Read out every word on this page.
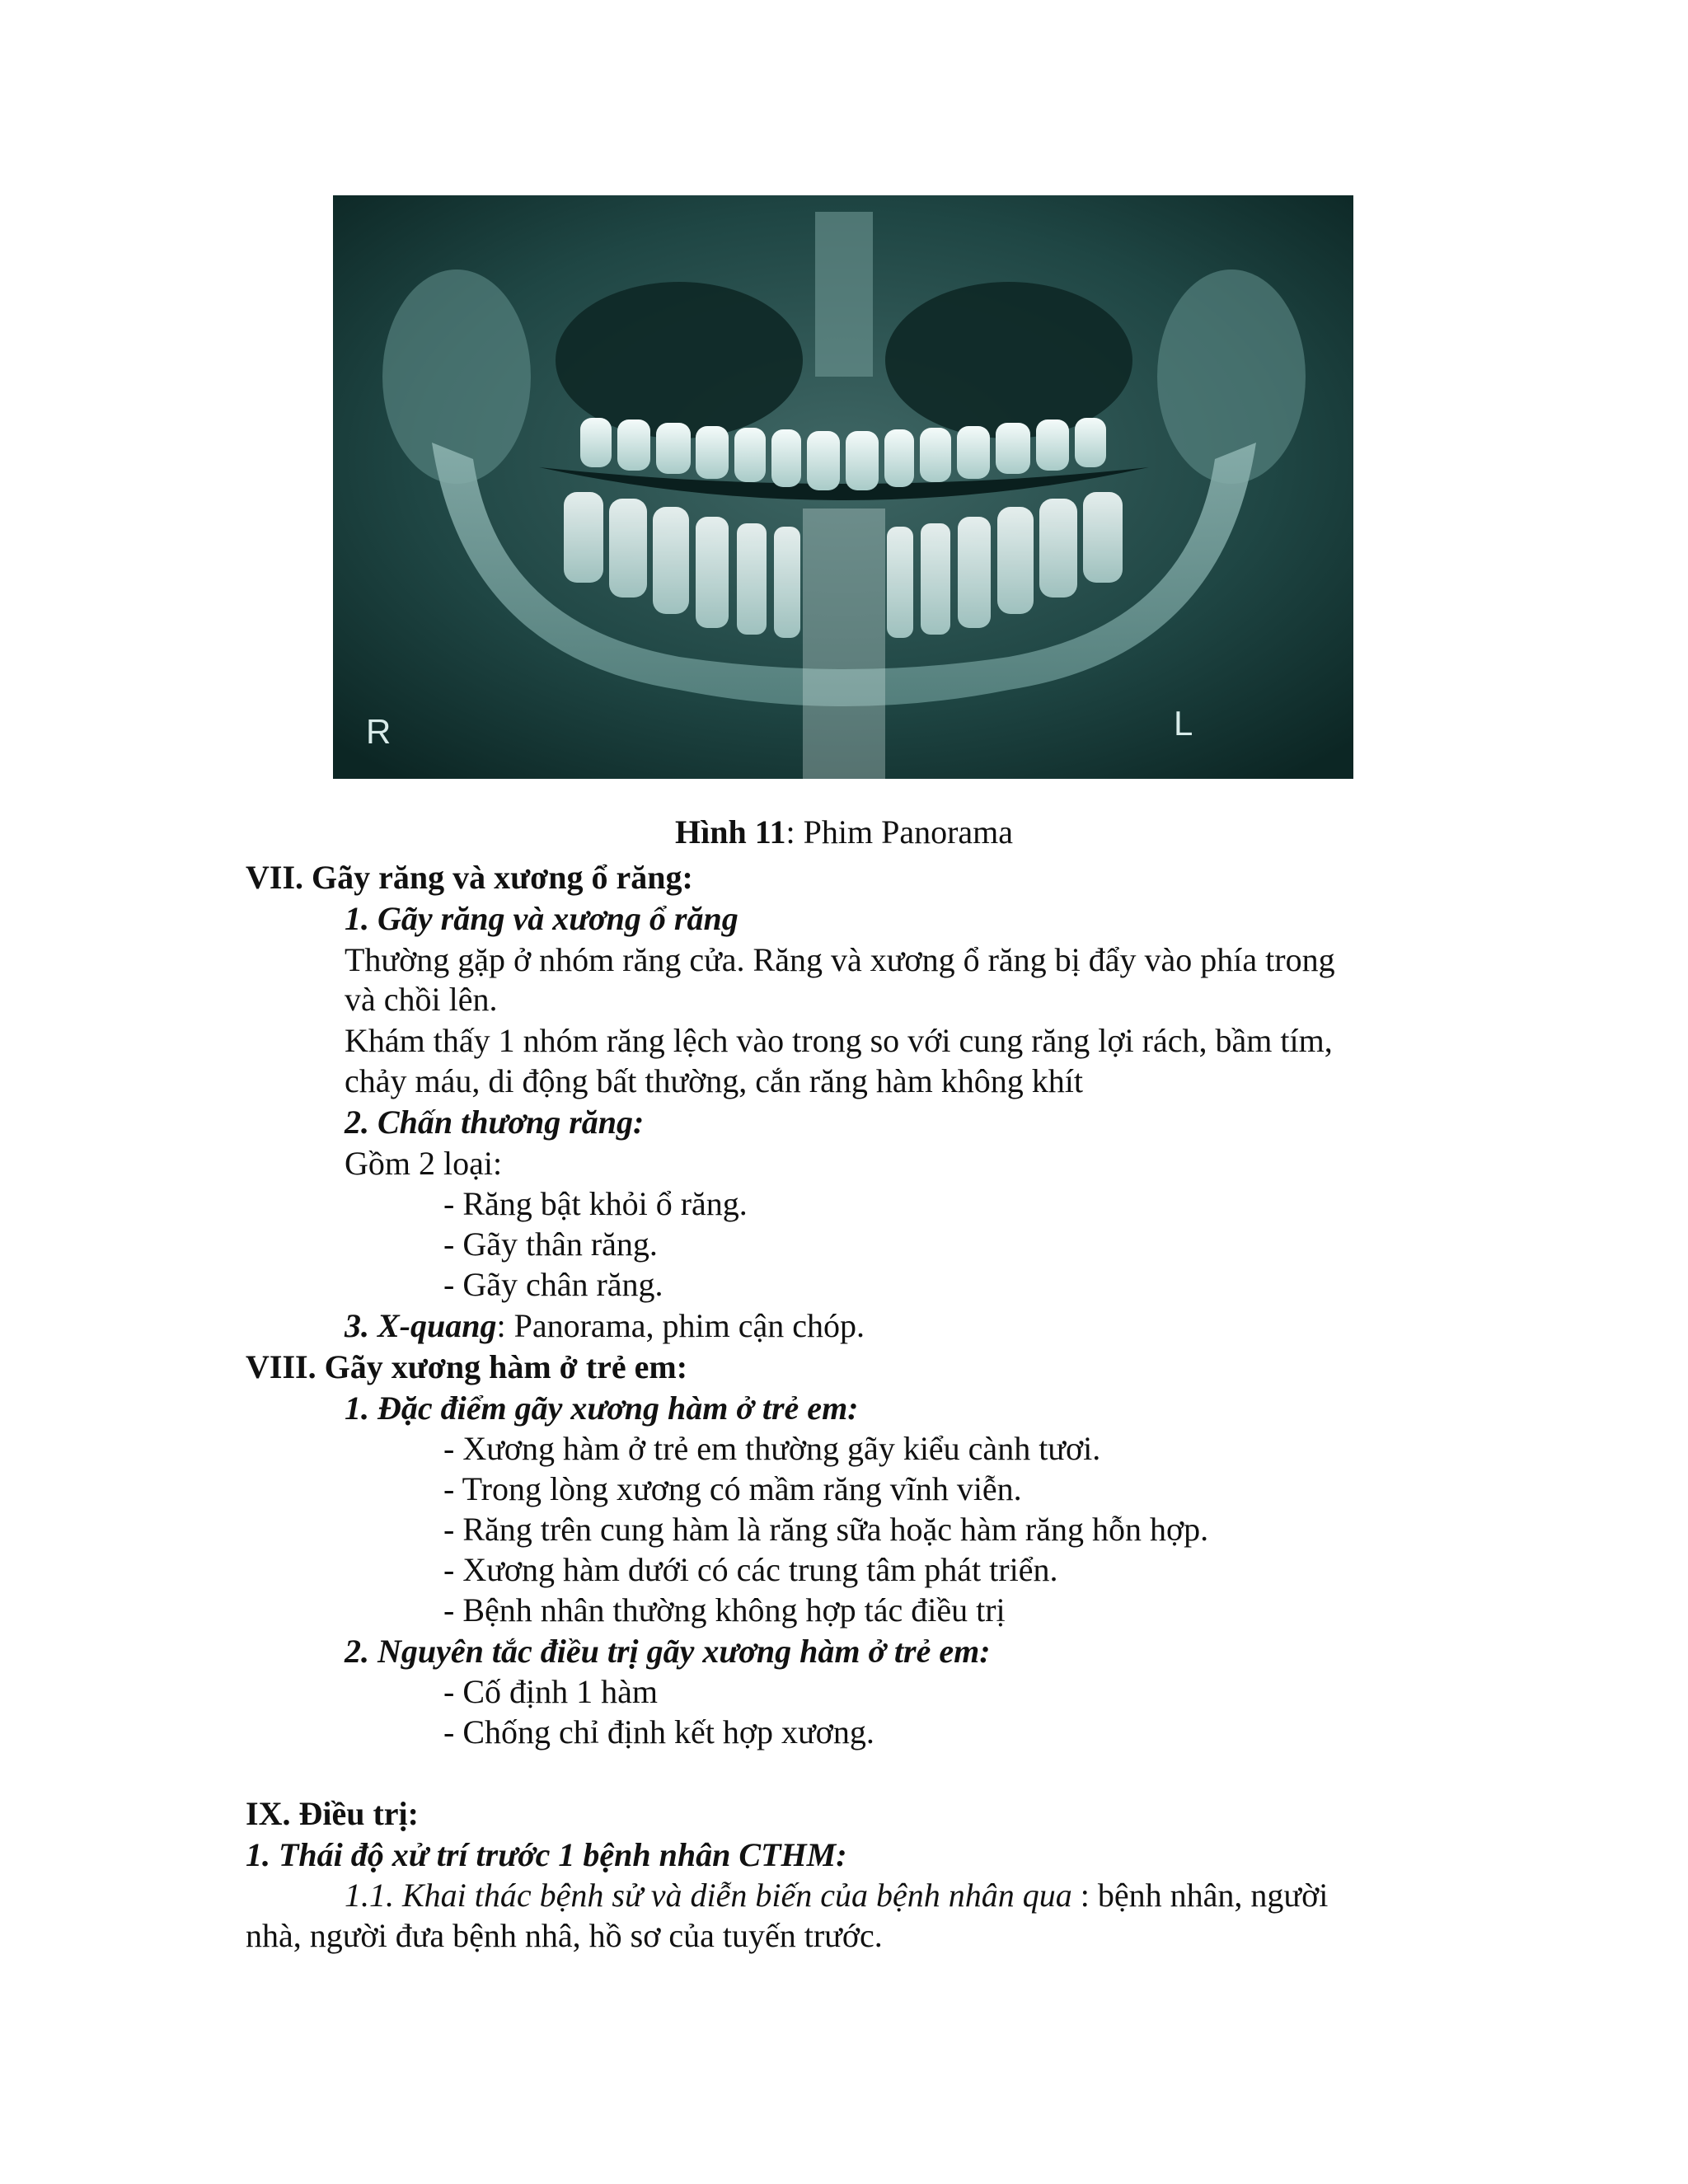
R	L
Hình 11: Phim Panorama
VII. Gãy răng và xương ổ răng:
1. Gãy răng và xương ổ răng
Thường gặp ở nhóm răng cửa. Răng và xương ổ răng bị đẩy vào phía trong
và chồi lên.
Khám thấy 1 nhóm răng lệch vào trong so với cung răng lợi rách, bầm tím,
chảy máu, di động bất thường, cắn răng hàm không khít
2. Chấn thương răng:
Gồm 2 loại:
- Răng bật khỏi ổ răng.
- Gãy thân răng.
- Gãy chân răng.
3. X-quang: Panorama, phim cận chóp.
VIII. Gãy xương hàm ở trẻ em:
1. Đặc điểm gãy xương hàm ở trẻ em:
- Xương hàm ở trẻ em thường gãy kiểu cành tươi.
- Trong lòng xương có mầm răng vĩnh viễn.
- Răng trên cung hàm là răng sữa hoặc hàm răng hỗn hợp.
- Xương hàm dưới có các trung tâm phát triển.
- Bệnh nhân thường không hợp tác điều trị
2. Nguyên tắc điều trị gãy xương hàm ở trẻ em:
- Cố định 1 hàm
- Chống chỉ định kết hợp xương.
IX. Điều trị:
1. Thái độ xử trí trước 1 bệnh nhân CTHM:
1.1. Khai thác bệnh sử và diễn biến của bệnh nhân qua : bệnh nhân, người
nhà, người đưa bệnh nhâ, hồ sơ của tuyến trước.
